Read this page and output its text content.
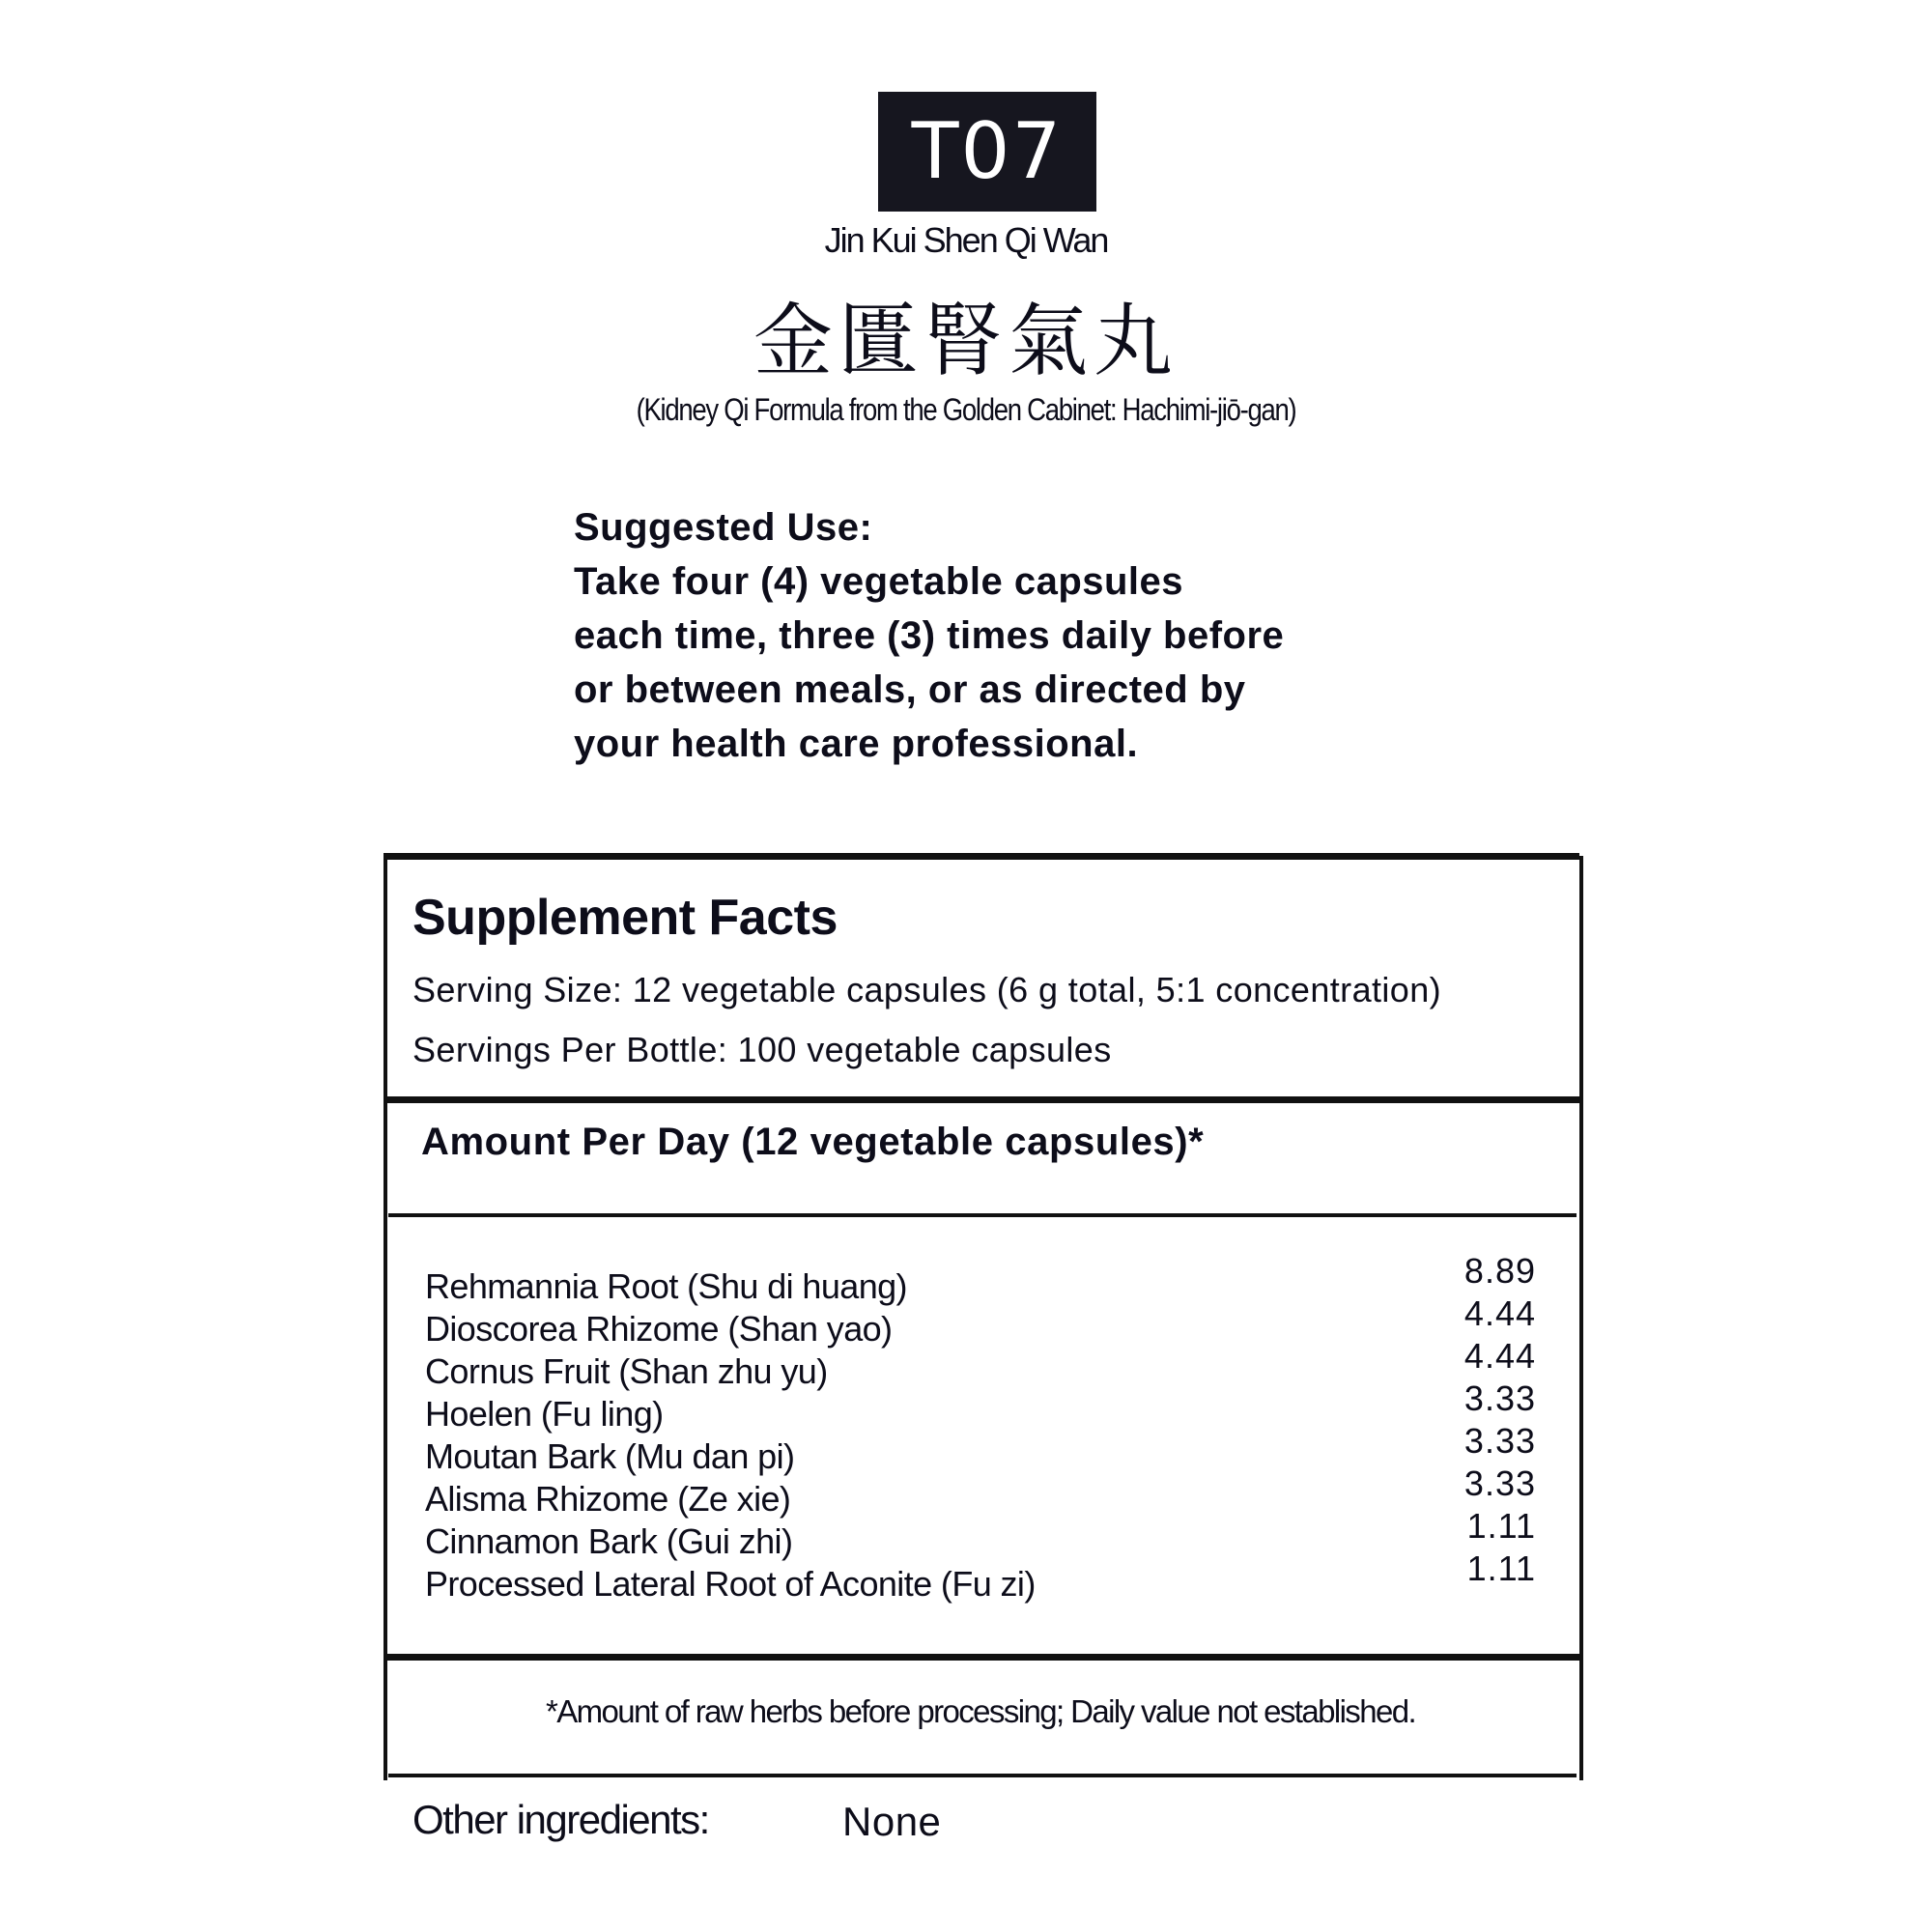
T07
Jin Kui Shen Qi Wan
金匱腎氣丸
(Kidney Qi Formula from the Golden Cabinet: Hachimi-jiō-gan)
Suggested Use:
Take four (4) vegetable capsules
each time, three (3) times daily before
or between meals, or as directed by
your health care professional.
Supplement Facts
Serving Size: 12 vegetable capsules (6 g total, 5:1 concentration)
Servings Per Bottle: 100 vegetable capsules
Amount Per Day (12 vegetable capsules)*
Rehmannia Root (Shu di huang)	8.89
Dioscorea Rhizome (Shan yao)	4.44
Cornus Fruit (Shan zhu yu)	4.44
Hoelen (Fu ling)	3.33
Moutan Bark (Mu dan pi)	3.33
Alisma Rhizome (Ze xie)	3.33
Cinnamon Bark (Gui zhi)	1.11
Processed Lateral Root of Aconite (Fu zi)	1.11
*Amount of raw herbs before processing; Daily value not established.
Other ingredients:	None
